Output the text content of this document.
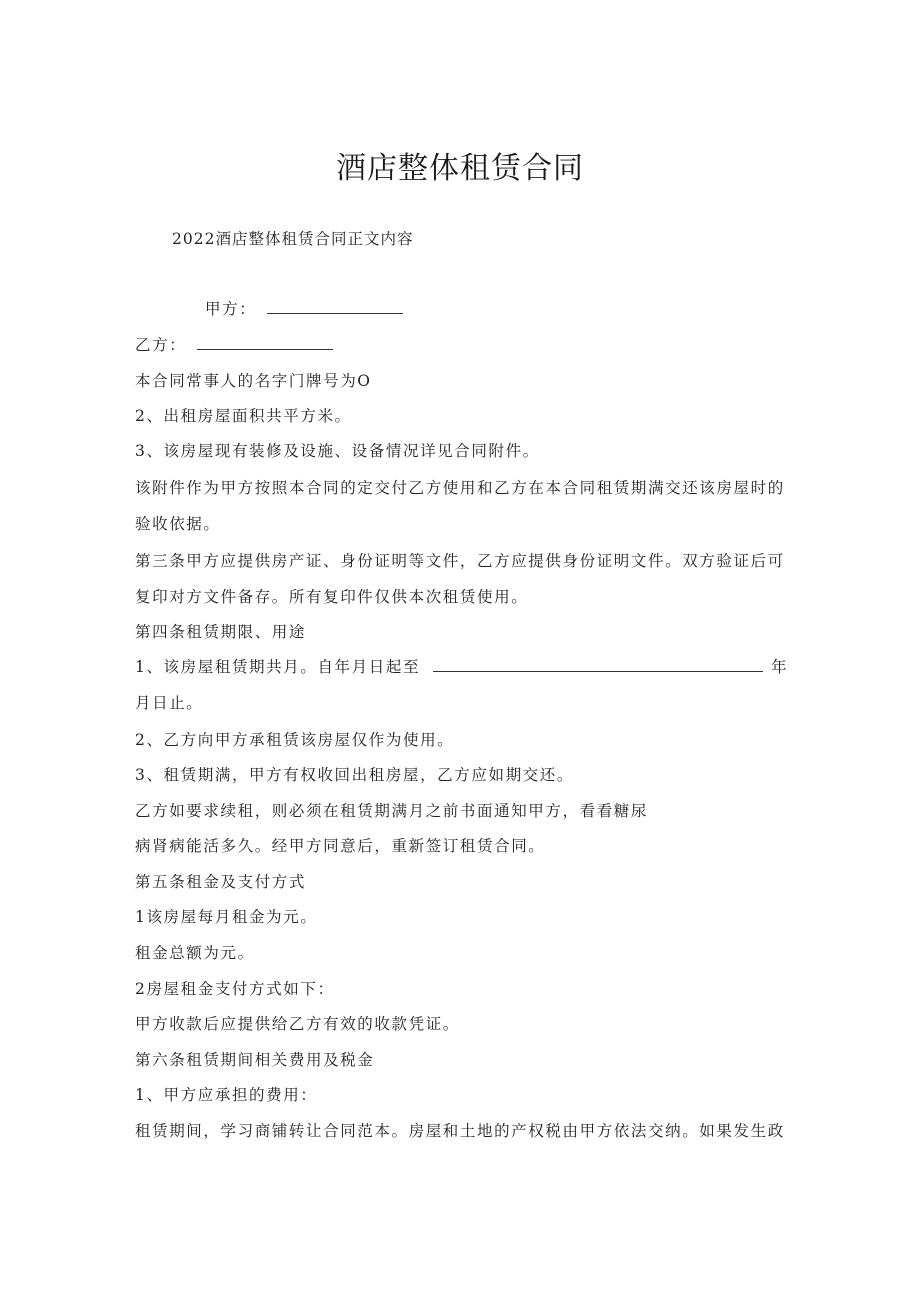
酒店整体租赁合同
2022酒店整体租赁合同正文内容
甲方：
乙方：
本合同常事人的名字门牌号为O
2、出租房屋面积共平方米。
3、该房屋现有装修及设施、设备情况详见合同附件。
该附件作为甲方按照本合同的定交付乙方使用和乙方在本合同租赁期满交还该房屋时的
验收依据。
第三条甲方应提供房产证、身份证明等文件，乙方应提供身份证明文件。双方验证后可
复印对方文件备存。所有复印件仅供本次租赁使用。
第四条租赁期限、用途
1、该房屋租赁期共月。自年月日起至	年
月日止。
2、乙方向甲方承租赁该房屋仅作为使用。
3、租赁期满，甲方有权收回出租房屋，乙方应如期交还。
乙方如要求续租，则必须在租赁期满月之前书面通知甲方，看看糖尿
病肾病能活多久。经甲方同意后，重新签订租赁合同。
第五条租金及支付方式
1该房屋每月租金为元。
租金总额为元。
2房屋租金支付方式如下：
甲方收款后应提供给乙方有效的收款凭证。
第六条租赁期间相关费用及税金
1、甲方应承担的费用：
租赁期间，学习商铺转让合同范本。房屋和土地的产权税由甲方依法交纳。如果发生政
